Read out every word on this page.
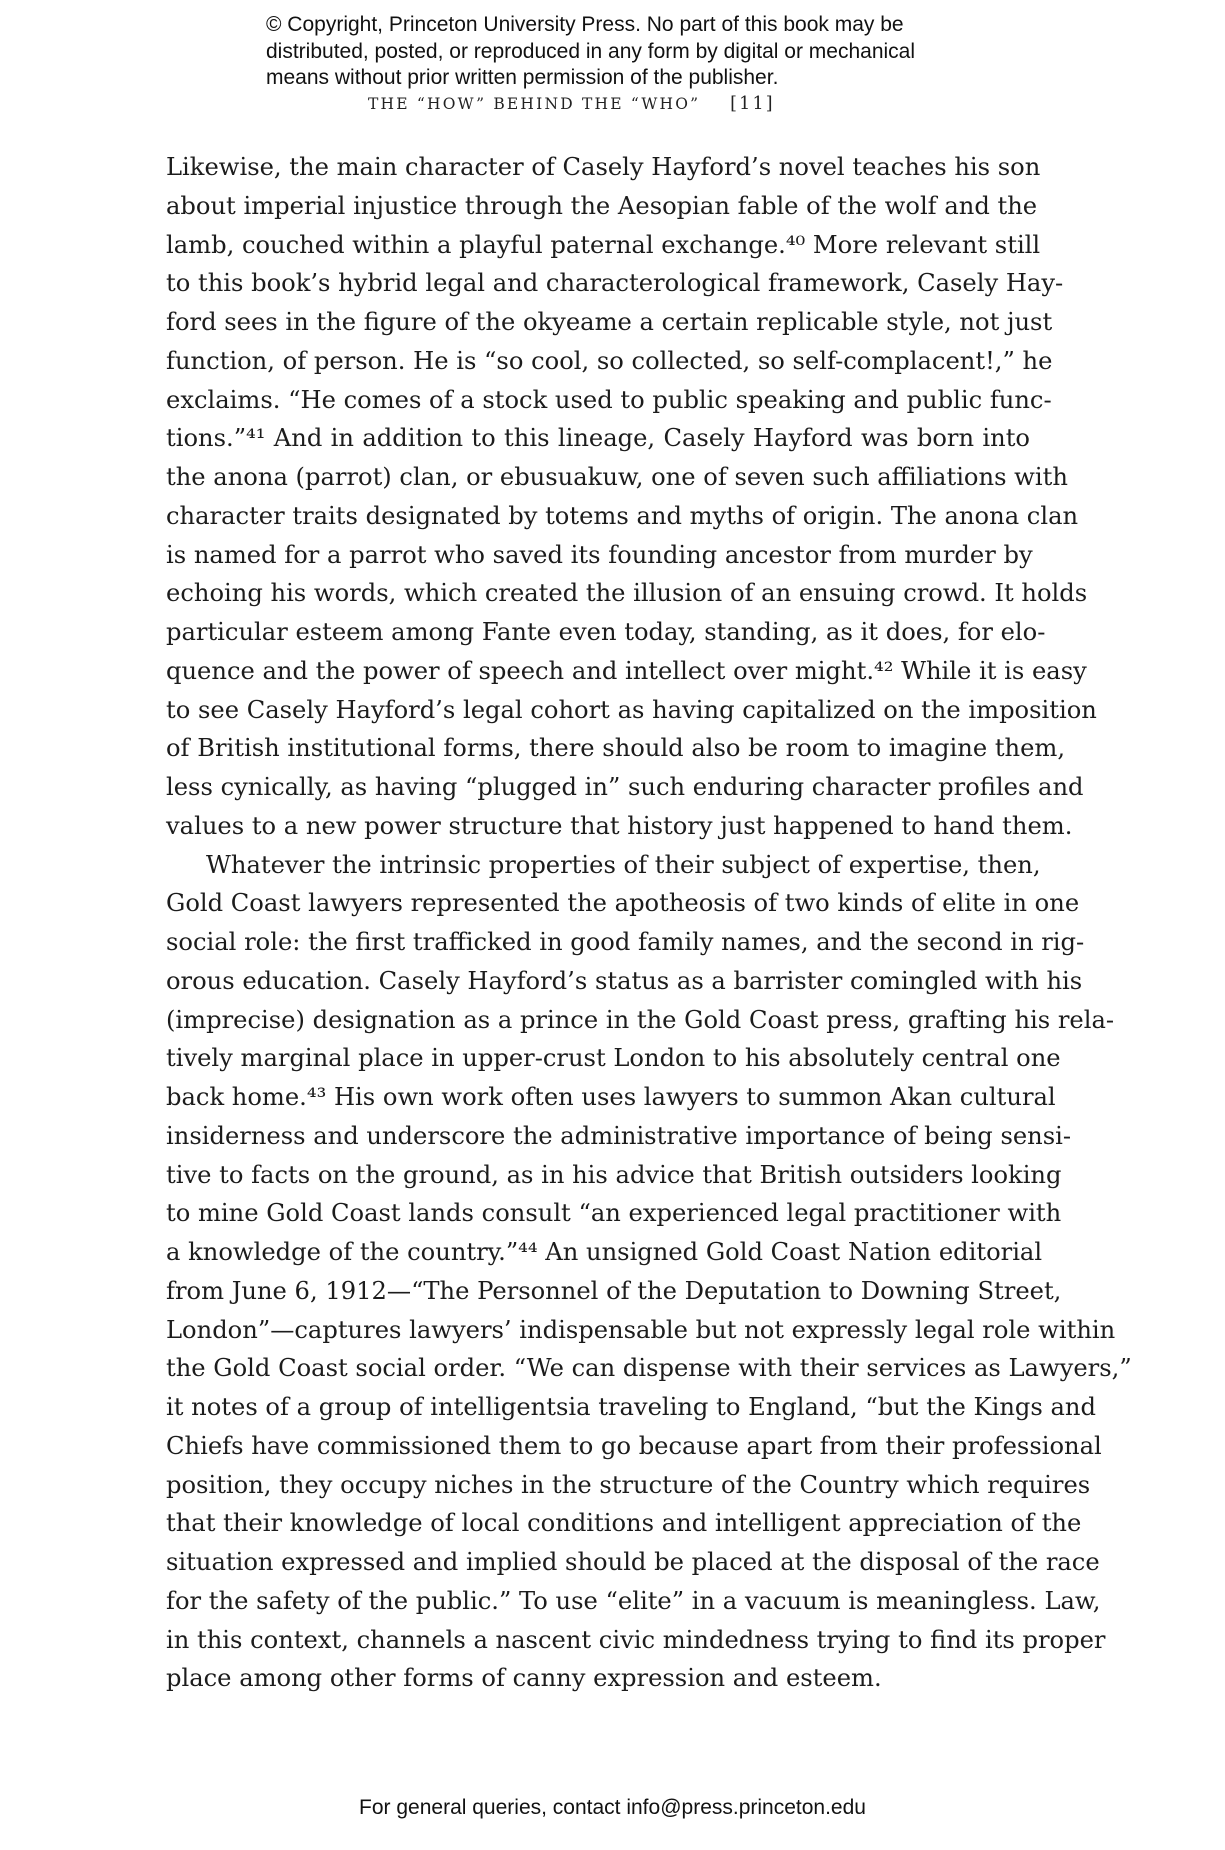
© Copyright, Princeton University Press. No part of this book may be
distributed, posted, or reproduced in any form by digital or mechanical
means without prior written permission of the publisher.
THE “HOW” BEHIND THE “WHO” [11]
Likewise, the main character of Casely Hayford’s novel teaches his son
about imperial injustice through the Aesopian fable of the wolf and the
lamb, couched within a playful paternal exchange.⁴⁰ More relevant still
to this book’s hybrid legal and characterological framework, Casely Hay-
ford sees in the figure of the okyeame a certain replicable style, not just
function, of person. He is “so cool, so collected, so self-complacent!,” he
exclaims. “He comes of a stock used to public speaking and public func-
tions.”⁴¹ And in addition to this lineage, Casely Hayford was born into
the anona (parrot) clan, or ebusuakuw, one of seven such affiliations with
character traits designated by totems and myths of origin. The anona clan
is named for a parrot who saved its founding ancestor from murder by
echoing his words, which created the illusion of an ensuing crowd. It holds
particular esteem among Fante even today, standing, as it does, for elo-
quence and the power of speech and intellect over might.⁴² While it is easy
to see Casely Hayford’s legal cohort as having capitalized on the imposition
of British institutional forms, there should also be room to imagine them,
less cynically, as having “plugged in” such enduring character profiles and
values to a new power structure that history just happened to hand them.
Whatever the intrinsic properties of their subject of expertise, then,
Gold Coast lawyers represented the apotheosis of two kinds of elite in one
social role: the first trafficked in good family names, and the second in rig-
orous education. Casely Hayford’s status as a barrister comingled with his
(imprecise) designation as a prince in the Gold Coast press, grafting his rela-
tively marginal place in upper-crust London to his absolutely central one
back home.⁴³ His own work often uses lawyers to summon Akan cultural
insiderness and underscore the administrative importance of being sensi-
tive to facts on the ground, as in his advice that British outsiders looking
to mine Gold Coast lands consult “an experienced legal practitioner with
a knowledge of the country.”⁴⁴ An unsigned Gold Coast Nation editorial
from June 6, 1912—“The Personnel of the Deputation to Downing Street,
London”—captures lawyers’ indispensable but not expressly legal role within
the Gold Coast social order. “We can dispense with their services as Lawyers,”
it notes of a group of intelligentsia traveling to England, “but the Kings and
Chiefs have commissioned them to go because apart from their professional
position, they occupy niches in the structure of the Country which requires
that their knowledge of local conditions and intelligent appreciation of the
situation expressed and implied should be placed at the disposal of the race
for the safety of the public.” To use “elite” in a vacuum is meaningless. Law,
in this context, channels a nascent civic mindedness trying to find its proper
place among other forms of canny expression and esteem.
For general queries, contact info@press.princeton.edu
